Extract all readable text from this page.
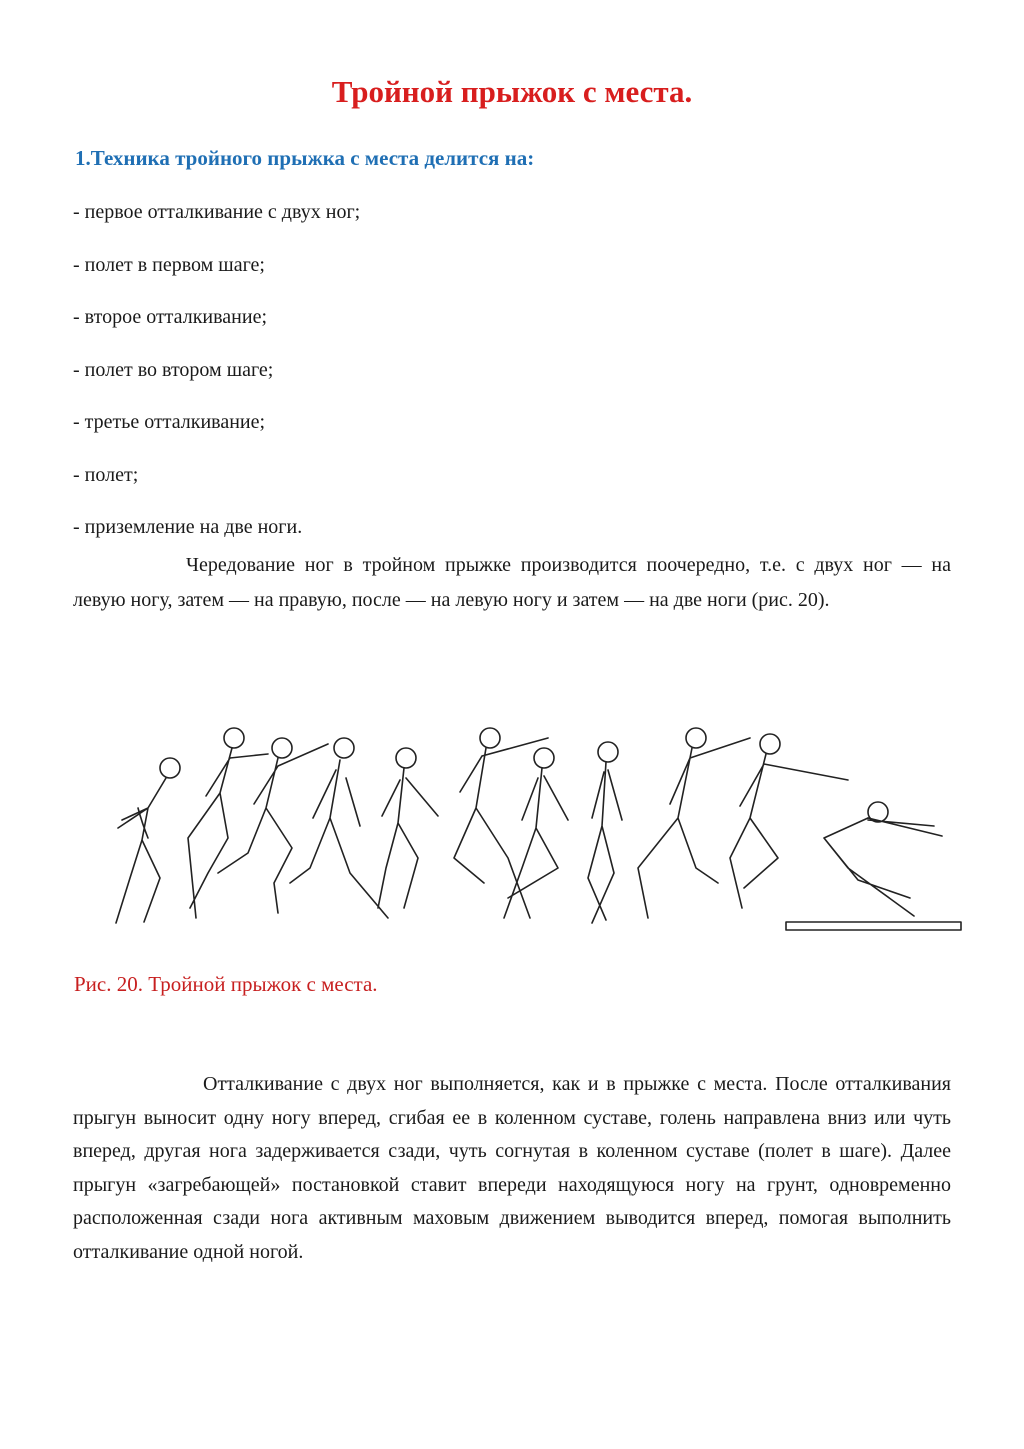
Тройной прыжок с места.
1.Техника тройного прыжка с места делится на:
- первое отталкивание с двух ног;
- полет в первом шаге;
- второе отталкивание;
- полет во втором шаге;
- третье отталкивание;
- полет;
- приземление на две ноги.

Чередование ног в тройном прыжке производится поочередно, т.е. с двух ног — на левую ногу, затем — на правую, после — на левую ногу и затем — на две ноги (рис. 20).

Рис. 20. Тройной прыжок с места.

Отталкивание с двух ног выполняется, как и в прыжке с места. После отталкивания прыгун выносит одну ногу вперед, сгибая ее в коленном суставе, голень направлена вниз или чуть вперед, другая нога задерживается сзади, чуть согнутая в коленном суставе (полет в шаге). Далее прыгун «загребающей» постановкой ставит впереди находящуюся ногу на грунт, одновременно расположенная сзади нога активным маховым движением выводится вперед, помогая выполнить отталкивание одной ногой.
